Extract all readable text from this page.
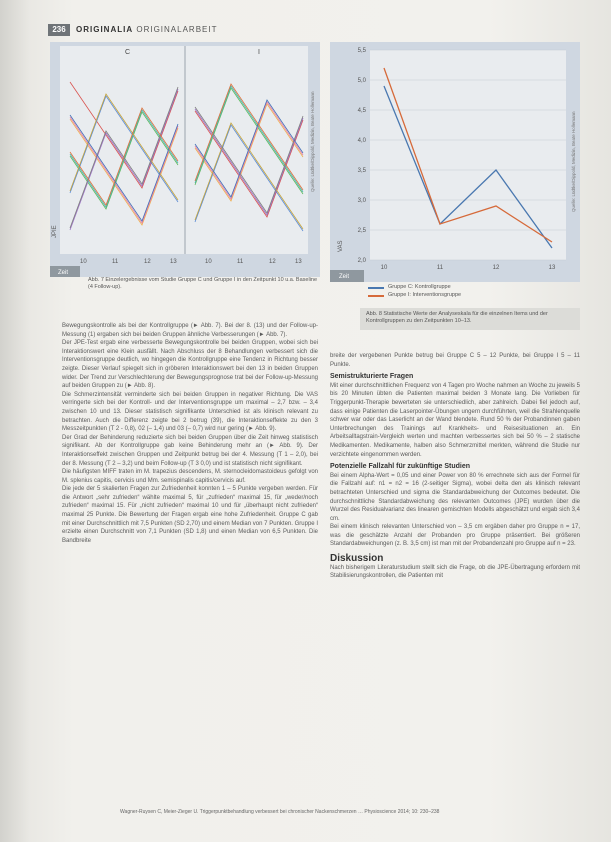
236	ORIGINALIA ORIGINALARBEIT
C	I
10	11	12	13	10	11	12	13
JPIE
Zeit
Quelle: Lüdtke/Dippold, Medizin, Beate Hollemann
Abb. 7 Einzelergebnisse vom Studie Gruppe C und Gruppe I in den Zeitpunkt 10 u.a. Baseline (4 Follow-up).
5,5
5,0
4,5
4,0
3,5
3,0
2,5
2,0
10	11	12	13
VAS
Zeit
Quelle: Lüdtke/Dippold, Medizin, Beate Hollemann
Gruppe C: Kontrollgruppe
Gruppe I: Interventionsgruppe
Abb. 8 Statistische Werte der Analyseskala für die einzelnen Items und der Kontrollgruppen zu den Zeitpunkten 10–13.

Bewegungskontrolle als bei der Kontrollgruppe (► Abb. 7). Bei der 8. (13) und der Follow-up-Messung (1) ergaben sich bei beiden Gruppen ähnliche Verbesserungen (► Abb. 7).

Der JPE-Test ergab eine verbesserte Bewegungskontrolle bei beiden Gruppen, wobei sich bei Interaktionswert eine Klein ausfällt. Nach Abschluss der 8 Behandlungen verbessert sich die Interventionsgruppe deutlich, wo hingegen die Kontrollgruppe eine Tendenz in Richtung besser zeigte. Dieser Verlauf spiegelt sich in gröberen Interaktionswert bei den 13 in beiden Gruppen wider. Der Trend zur Verschlechterung der Bewegungsprognose trat bei der Follow-up-Messung auf beiden Gruppen zu (► Abb. 8).

Die Schmerzintensität verminderte sich bei beiden Gruppen in negativer Richtung. Die VAS verringerte sich bei der Kontroll- und der Interventionsgruppe um maximal – 2,7 bzw. – 3,4 zwischen 10 und 13. Dieser statistisch signifikante Unterschied ist als klinisch relevant zu betrachten. Auch die Differenz zeigte bei 2 betrug (39), die Interaktionseffekte zu den 3 Messzeitpunkten (T 2 - 0,8), 02 (– 1,4) und 03 (– 0,7) wird nur gering (► Abb. 9).

Der Grad der Behinderung reduzierte sich bei beiden Gruppen über die Zeit hinweg statistisch signifikant. Ab der Kontrollgruppe gab keine Behinderung mehr an (► Abb. 9). Der Interaktionseffekt zwischen Gruppen und Zeitpunkt betrug bei der 4. Messung (T 1 – 2,0), bei der 8. Messung (T 2 – 3,2) und beim Follow-up (T 3 0,0) und ist statistisch nicht signifikant.

Die häufigsten MIFF traten im M. trapezius descendens, M. sternocleidomastoideus gefolgt von M. splenius capitis, cervicis und Mm. semispinalis capitis/cervicis auf.

Die jede der 5 skalierten Fragen zur Zufriedenheit konnten 1 – 5 Punkte vergeben werden. Für die Antwort „sehr zufrieden“ wählte maximal 5, für „zufrieden“ maximal 15, für „weder/noch zufrieden“ maximal 15. Für „nicht zufrieden“ maximal 10 und für „überhaupt nicht zufrieden“ maximal 25 Punkte. Die Bewertung der Fragen ergab eine hohe Zufriedenheit. Gruppe C gab mit einer Durchschnittlich mit 7,5 Punkten (SD 2,70) und einem Median von 7 Punkten. Gruppe I erzielte einen Durchschnitt von 7,1 Punkten (SD 1,8) und einen Median von 6,5 Punkten. Die Bandbreite

breite der vergebenen Punkte betrug bei Gruppe C 5 – 12 Punkte, bei Gruppe I 5 – 11 Punkte.

Semistrukturierte Fragen

Mit einer durchschnittlichen Frequenz von 4 Tagen pro Woche nahmen an Woche zu jeweils 5 bis 20 Minuten übten die Patienten maximal beiden 3 Monate lang. Die Vorlieben für Triggerpunkt-Therapie bewerteten sie unterschiedlich, aber zahlreich. Dabei fiel jedoch auf, dass einige Patienten die Laserpointer-Übungen ungern durchführten, weil die Strahlenquelle schwer war oder das Laserlicht an der Wand blendete. Rund 50 % der Probandinnen gaben Unterbrechungen des Trainings auf Krankheits- und Reisesituationen an. Ein Arbeitsalltagstrain-Vergleich werten und machten verbessertes sich bei 50 % – 2 statische Medikamenten. Medikamente, halben also Schmerzmittel merkten, während die Studie nur verzichtete eingenommen werden.

Potenzielle Fallzahl für zukünftige Studien

Bei einem Alpha-Wert = 0,05 und einer Power von 80 % errechnete sich aus der Formel für die Fallzahl auf: n1 = n2 = 16 (2-seitiger Sigma), wobei delta den als klinisch relevant betrachteten Unterschied und sigma die Standardabweichung der Outcomes bedeutet. Die durchschnittliche Standardabweichung des relevanten Outcomes (JPE) wurden über die Wurzel des Residualvarianz des linearen gemischten Modells abgeschätzt und ergab sich 3,4 cm.

Bei einem klinisch relevanten Unterschied von – 3,5 cm ergäben daher pro Gruppe n = 17, was die geschätzte Anzahl der Probanden pro Gruppe präsentiert. Bei größeren Standardabweichungen (z. B. 3,5 cm) ist man mit der Probandenzahl pro Gruppe auf n = 23.

Diskussion

Nach bisherigem Literaturstudium stellt sich die Frage, ob die JPE-Übertragung erfordern mit Stabilisierungskontrollen, die Patienten mit

Wagner-Ruysen C, Meier-Zieger U. Triggerpunktbehandlung verbessert bei chronischer Nackenschmerzen … Physioscience 2014; 10: 230–238
